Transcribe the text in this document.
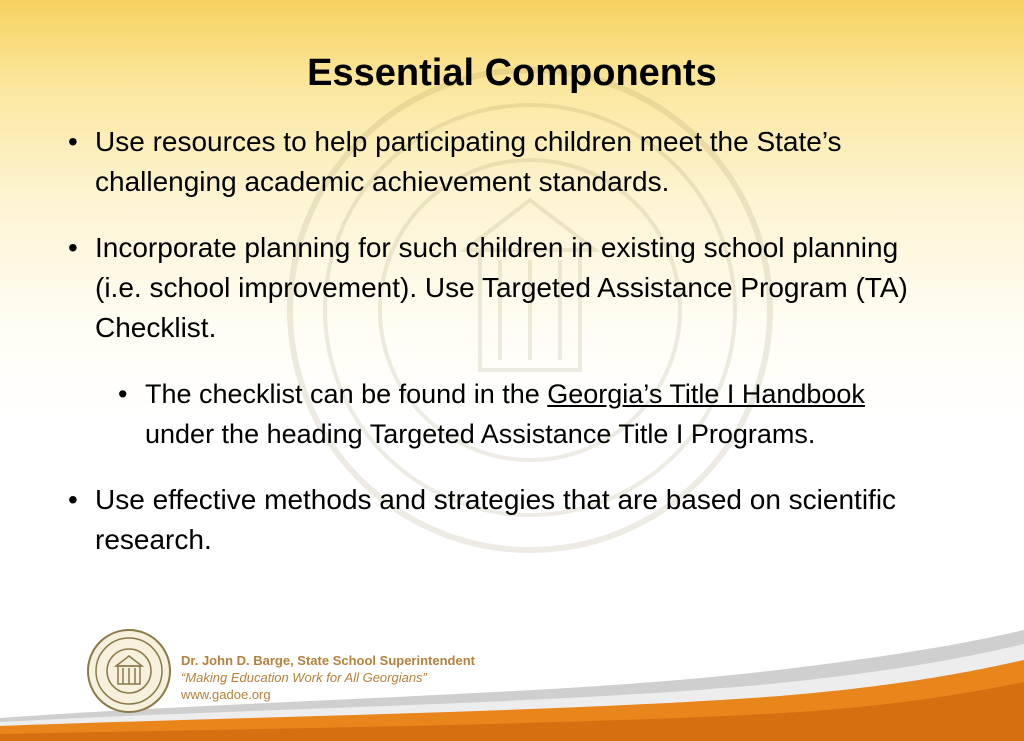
Essential Components
• Use resources to help participating children meet the State’s challenging academic achievement standards.
• Incorporate planning for such children in existing school planning (i.e. school improvement). Use Targeted Assistance Program (TA) Checklist.
• The checklist can be found in the Georgia’s Title I Handbook under the heading Targeted Assistance Title I Programs.
• Use effective methods and strategies that are based on scientific research.
Dr. John D. Barge, State School Superintendent
“Making Education Work for All Georgians”
www.gadoe.org
